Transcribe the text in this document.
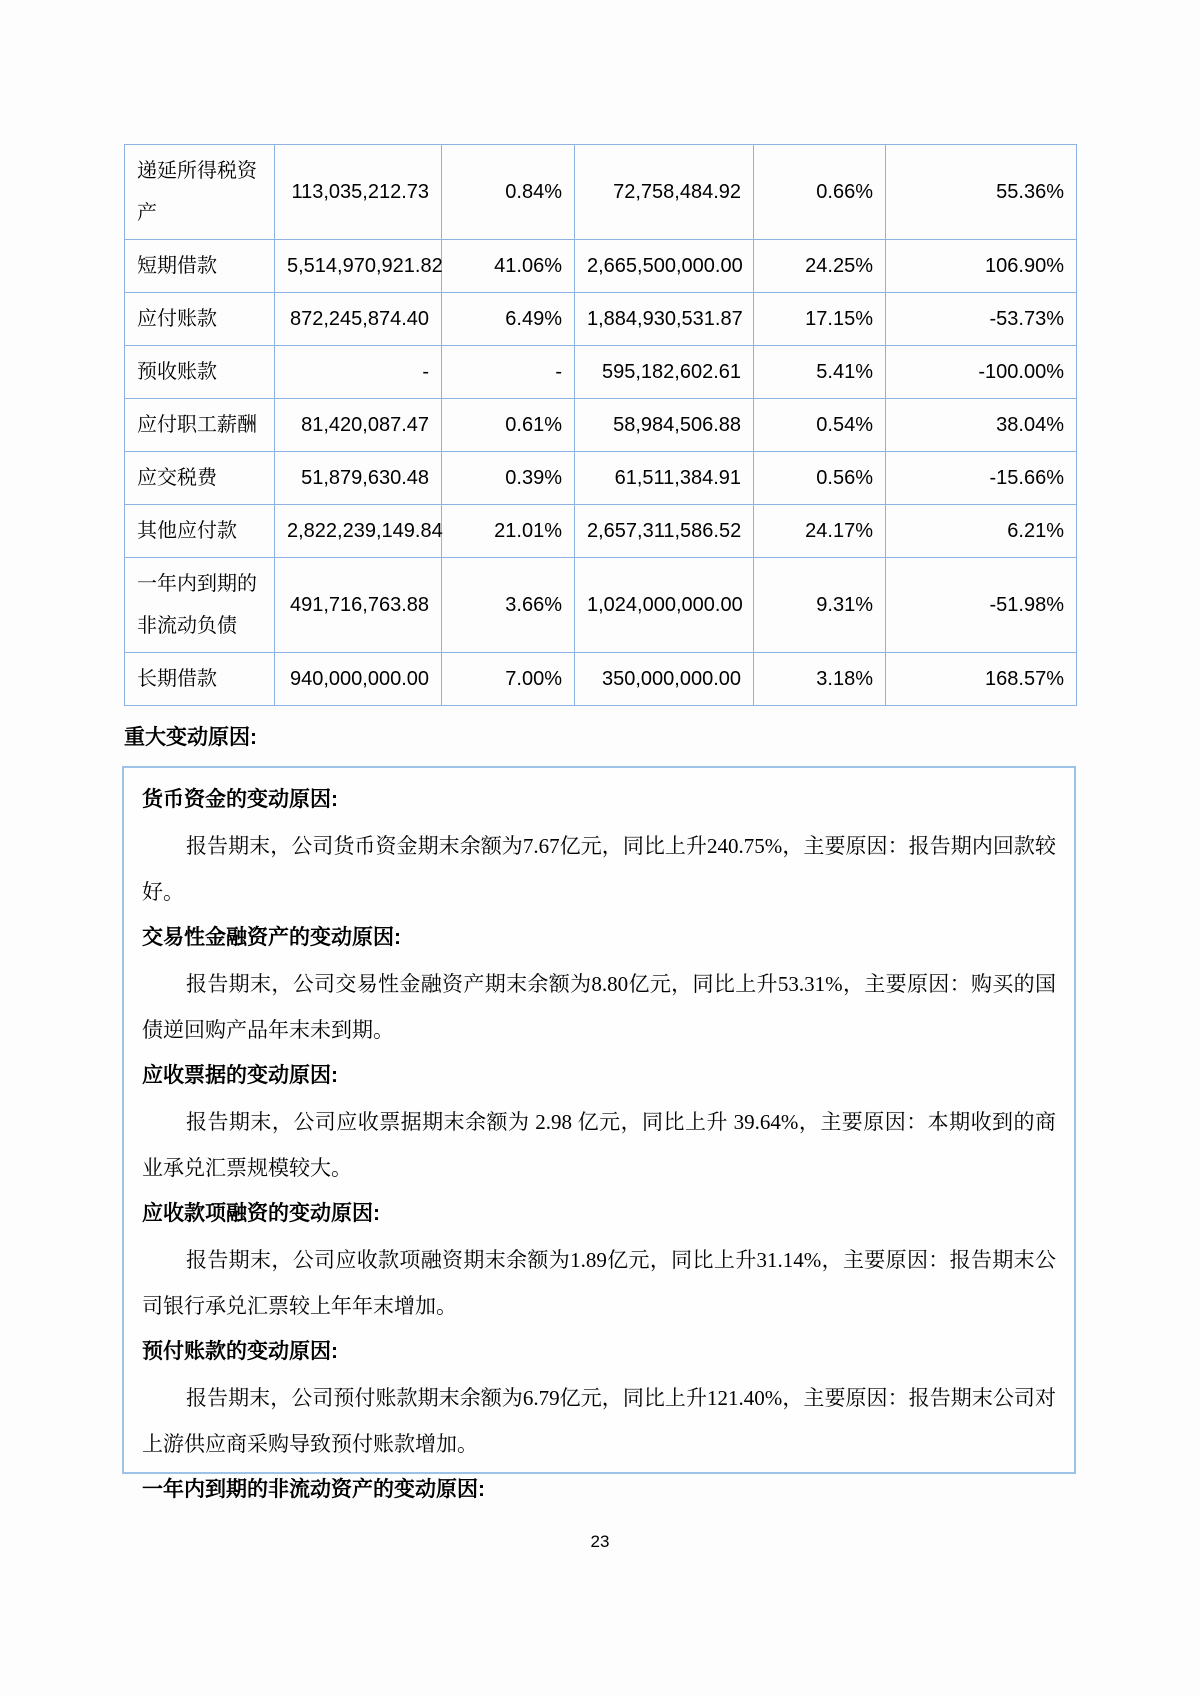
递延所得税资产	113,035,212.73	0.84%	72,758,484.92	0.66%	55.36%
短期借款	5,514,970,921.82	41.06%	2,665,500,000.00	24.25%	106.90%
应付账款	872,245,874.40	6.49%	1,884,930,531.87	17.15%	-53.73%
预收账款	-	-	595,182,602.61	5.41%	-100.00%
应付职工薪酬	81,420,087.47	0.61%	58,984,506.88	0.54%	38.04%
应交税费	51,879,630.48	0.39%	61,511,384.91	0.56%	-15.66%
其他应付款	2,822,239,149.84	21.01%	2,657,311,586.52	24.17%	6.21%
一年内到期的非流动负债	491,716,763.88	3.66%	1,024,000,000.00	9.31%	-51.98%
长期借款	940,000,000.00	7.00%	350,000,000.00	3.18%	168.57%
重大变动原因:

货币资金的变动原因:

报告期末，公司货币资金期末余额为7.67亿元，同比上升240.75%，主要原因：报告期内回款较好。

交易性金融资产的变动原因:

报告期末，公司交易性金融资产期末余额为8.80亿元，同比上升53.31%，主要原因：购买的国债逆回购产品年末未到期。

应收票据的变动原因:

报告期末，公司应收票据期末余额为 2.98 亿元，同比上升 39.64%，主要原因：本期收到的商业承兑汇票规模较大。

应收款项融资的变动原因:

报告期末，公司应收款项融资期末余额为1.89亿元，同比上升31.14%，主要原因：报告期末公司银行承兑汇票较上年年末增加。

预付账款的变动原因:

报告期末，公司预付账款期末余额为6.79亿元，同比上升121.40%，主要原因：报告期末公司对上游供应商采购导致预付账款增加。

一年内到期的非流动资产的变动原因:

23
